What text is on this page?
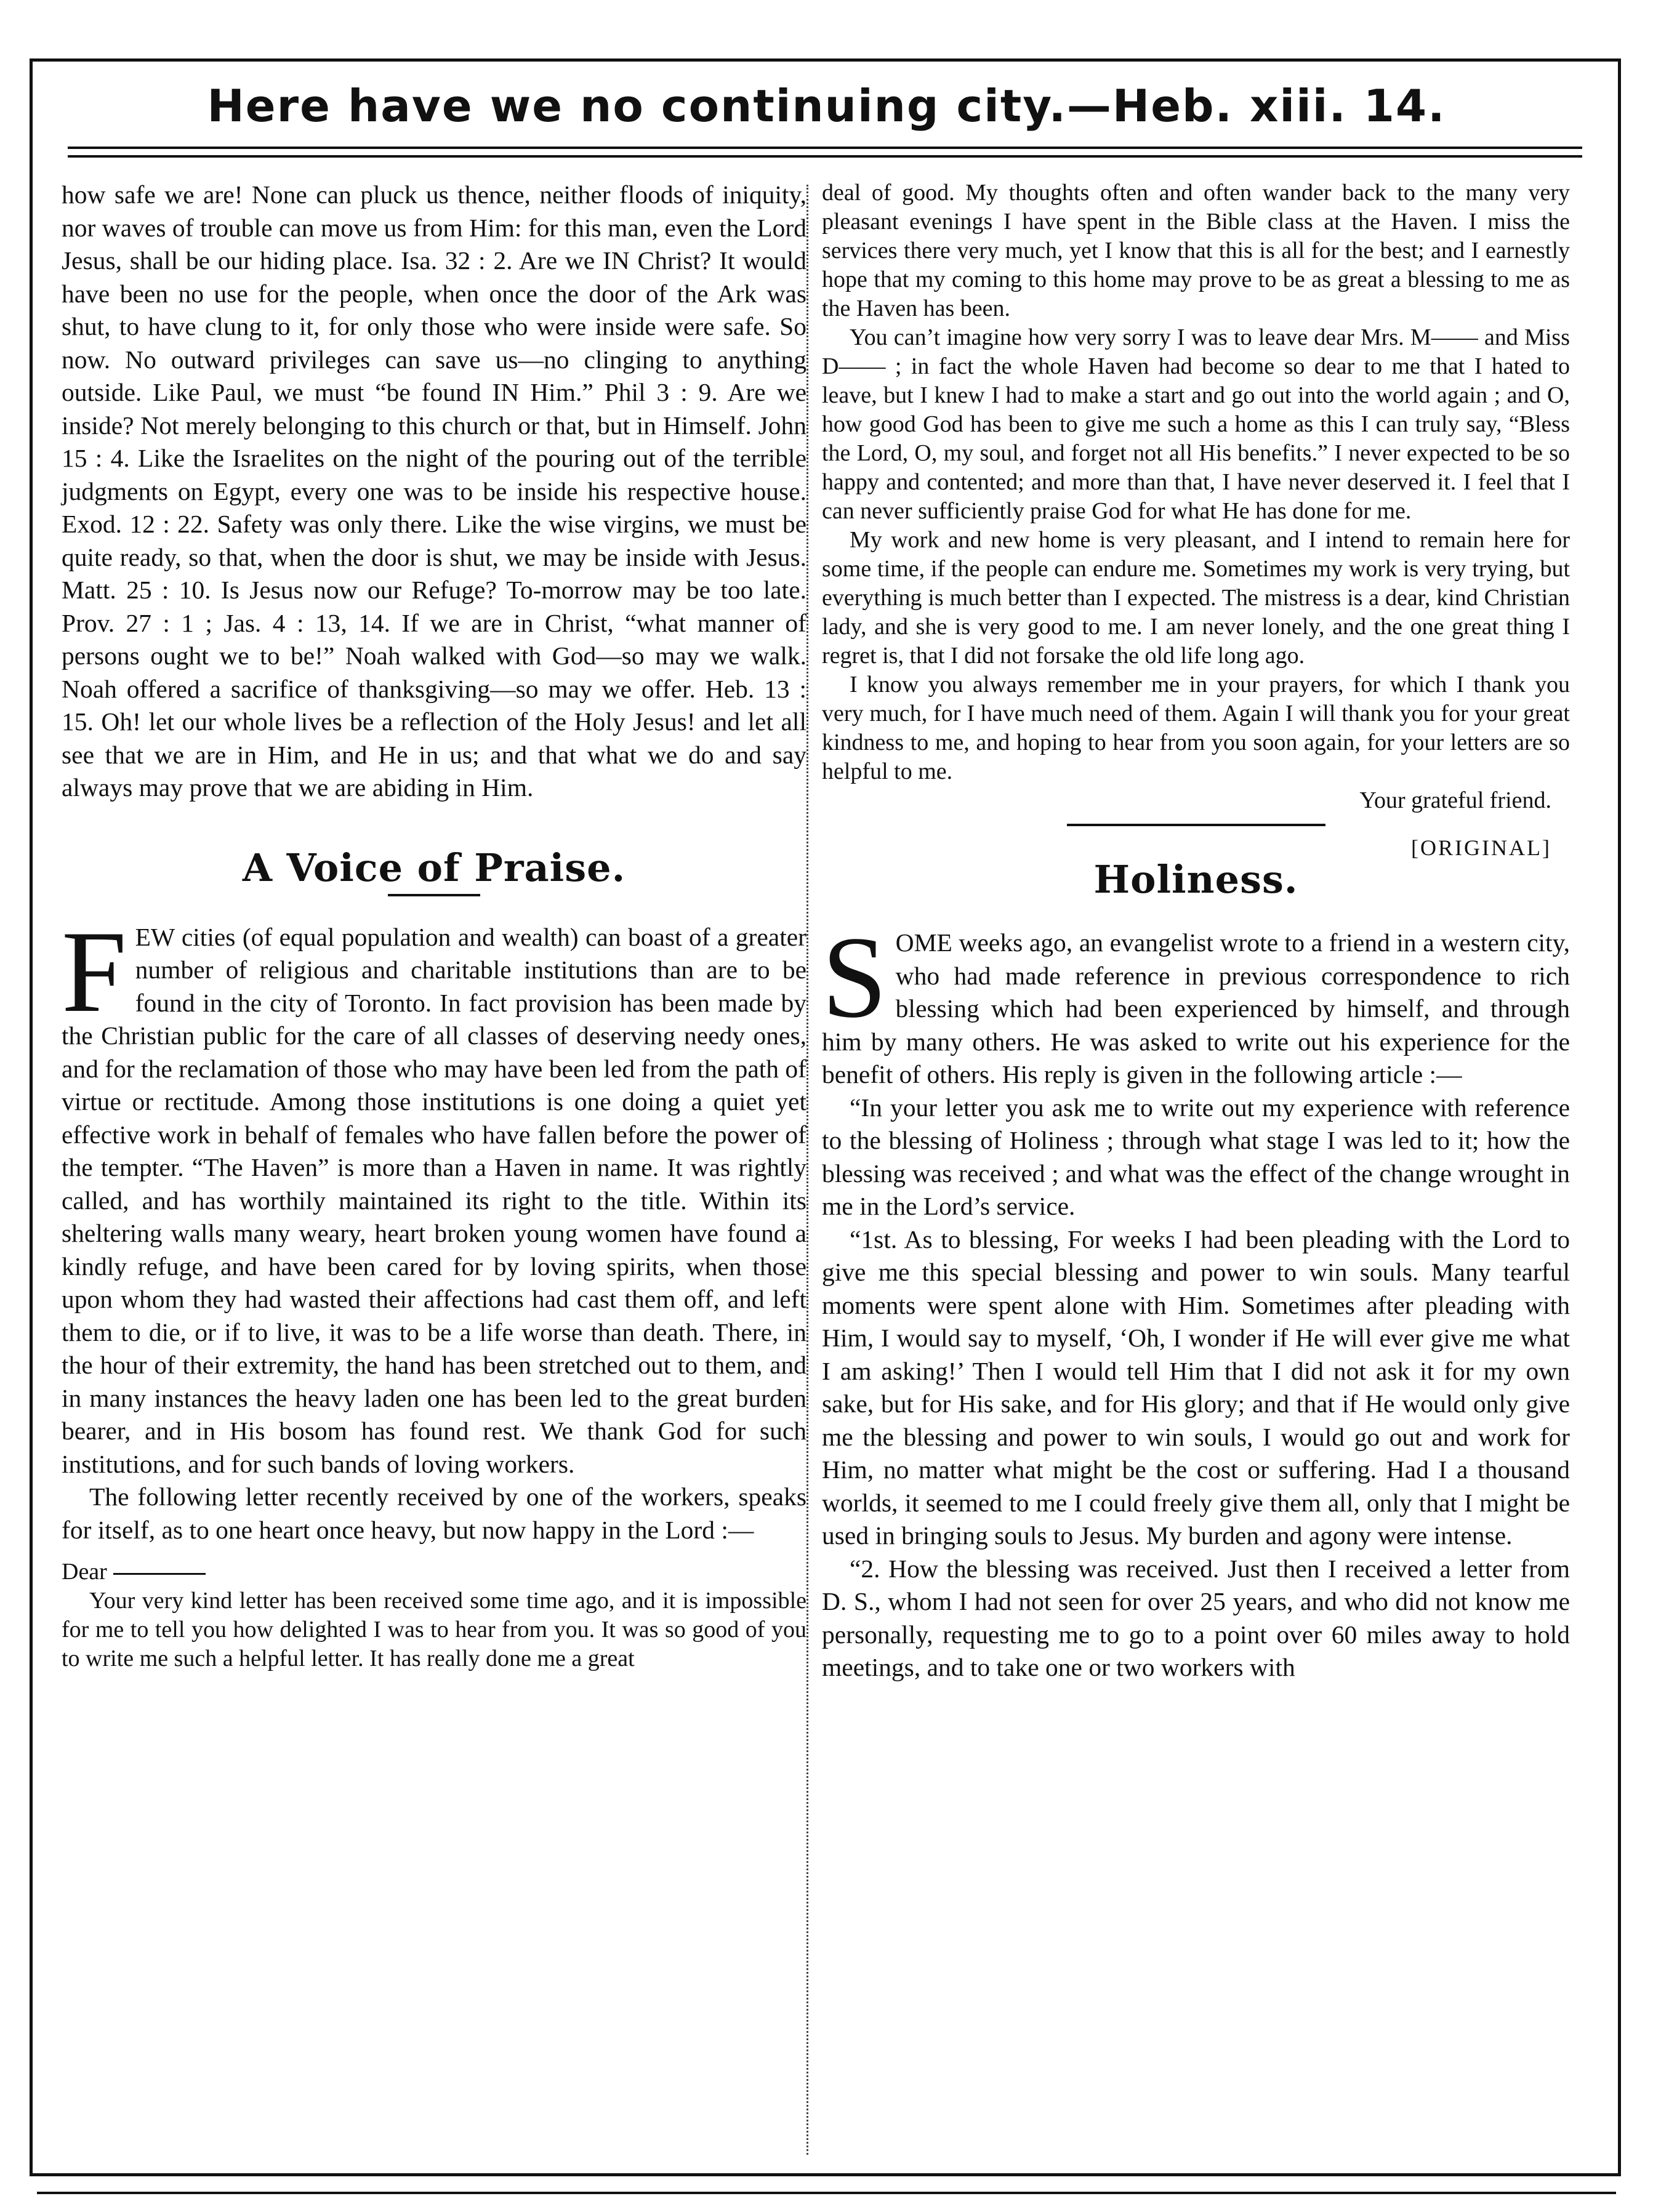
Here have we no continuing city.—Heb. xiii. 14.

how safe we are! None can pluck us thence, neither floods of iniquity, nor waves of trouble can move us from Him: for this man, even the Lord Jesus, shall be our hiding place. Isa. 32 : 2. Are we IN Christ? It would have been no use for the people, when once the door of the Ark was shut, to have clung to it, for only those who were inside were safe. So now. No outward privileges can save us—no clinging to anything outside. Like Paul, we must “be found IN Him.” Phil 3 : 9. Are we inside? Not merely belonging to this church or that, but in Himself. John 15 : 4. Like the Israelites on the night of the pouring out of the terrible judgments on Egypt, every one was to be inside his respective house. Exod. 12 : 22. Safety was only there. Like the wise virgins, we must be quite ready, so that, when the door is shut, we may be inside with Jesus. Matt. 25 : 10. Is Jesus now our Refuge? To-morrow may be too late. Prov. 27 : 1 ; Jas. 4 : 13, 14. If we are in Christ, “what manner of persons ought we to be!” Noah walked with God—so may we walk. Noah offered a sacrifice of thanksgiving—so may we offer. Heb. 13 : 15. Oh! let our whole lives be a reflection of the Holy Jesus! and let all see that we are in Him, and He in us; and that what we do and say always may prove that we are abiding in Him.

A Voice of Praise.

FEW cities (of equal population and wealth) can boast of a greater number of religious and charitable institutions than are to be found in the city of Toronto. In fact provision has been made by the Christian public for the care of all classes of deserving needy ones, and for the reclamation of those who may have been led from the path of virtue or rectitude. Among those institutions is one doing a quiet yet effective work in behalf of females who have fallen before the power of the tempter. “The Haven” is more than a Haven in name. It was rightly called, and has worthily maintained its right to the title. Within its sheltering walls many weary, heart broken young women have found a kindly refuge, and have been cared for by loving spirits, when those upon whom they had wasted their affections had cast them off, and left them to die, or if to live, it was to be a life worse than death. There, in the hour of their extremity, the hand has been stretched out to them, and in many instances the heavy laden one has been led to the great burden bearer, and in His bosom has found rest. We thank God for such institutions, and for such bands of loving workers.

The following letter recently received by one of the workers, speaks for itself, as to one heart once heavy, but now happy in the Lord :—

Dear

Your very kind letter has been received some time ago, and it is impossible for me to tell you how delighted I was to hear from you. It was so good of you to write me such a helpful letter. It has really done me a great

deal of good. My thoughts often and often wander back to the many very pleasant evenings I have spent in the Bible class at the Haven. I miss the services there very much, yet I know that this is all for the best; and I earnestly hope that my coming to this home may prove to be as great a blessing to me as the Haven has been.

You can’t imagine how very sorry I was to leave dear Mrs. M—— and Miss D—— ; in fact the whole Haven had become so dear to me that I hated to leave, but I knew I had to make a start and go out into the world again ; and O, how good God has been to give me such a home as this I can truly say, “Bless the Lord, O, my soul, and forget not all His benefits.” I never expected to be so happy and contented; and more than that, I have never deserved it. I feel that I can never sufficiently praise God for what He has done for me.

My work and new home is very pleasant, and I intend to remain here for some time, if the people can endure me. Sometimes my work is very trying, but everything is much better than I expected. The mistress is a dear, kind Christian lady, and she is very good to me. I am never lonely, and the one great thing I regret is, that I did not forsake the old life long ago.

I know you always remember me in your prayers, for which I thank you very much, for I have much need of them. Again I will thank you for your great kindness to me, and hoping to hear from you soon again, for your letters are so helpful to me.

Your grateful friend.

[ORIGINAL]

Holiness.

SOME weeks ago, an evangelist wrote to a friend in a western city, who had made reference in previous correspondence to rich blessing which had been experienced by himself, and through him by many others. He was asked to write out his experience for the benefit of others. His reply is given in the following article :—

“In your letter you ask me to write out my experience with reference to the blessing of Holiness ; through what stage I was led to it; how the blessing was received ; and what was the effect of the change wrought in me in the Lord’s service.

“1st. As to blessing, For weeks I had been pleading with the Lord to give me this special blessing and power to win souls. Many tearful moments were spent alone with Him. Sometimes after pleading with Him, I would say to myself, ‘Oh, I wonder if He will ever give me what I am asking!’ Then I would tell Him that I did not ask it for my own sake, but for His sake, and for His glory; and that if He would only give me the blessing and power to win souls, I would go out and work for Him, no matter what might be the cost or suffering. Had I a thousand worlds, it seemed to me I could freely give them all, only that I might be used in bringing souls to Jesus. My burden and agony were intense.

“2. How the blessing was received. Just then I received a letter from D. S., whom I had not seen for over 25 years, and who did not know me personally, requesting me to go to a point over 60 miles away to hold meetings, and to take one or two workers with
